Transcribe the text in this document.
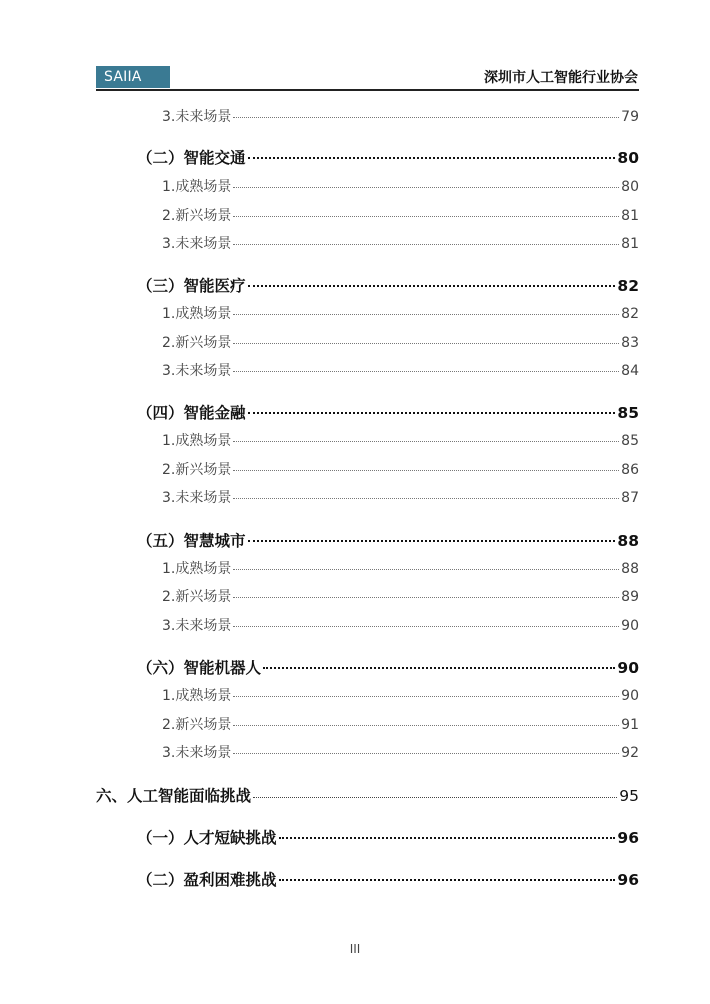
SAIIA	深圳市人工智能行业协会
3.未来场景	79
（二）智能交通	80
1.成熟场景	80
2.新兴场景	81
3.未来场景	81
（三）智能医疗	82
1.成熟场景	82
2.新兴场景	83
3.未来场景	84
（四）智能金融	85
1.成熟场景	85
2.新兴场景	86
3.未来场景	87
（五）智慧城市	88
1.成熟场景	88
2.新兴场景	89
3.未来场景	90
（六）智能机器人	90
1.成熟场景	90
2.新兴场景	91
3.未来场景	92
六、人工智能面临挑战	95
（一）人才短缺挑战	96
（二）盈利困难挑战	96
III
